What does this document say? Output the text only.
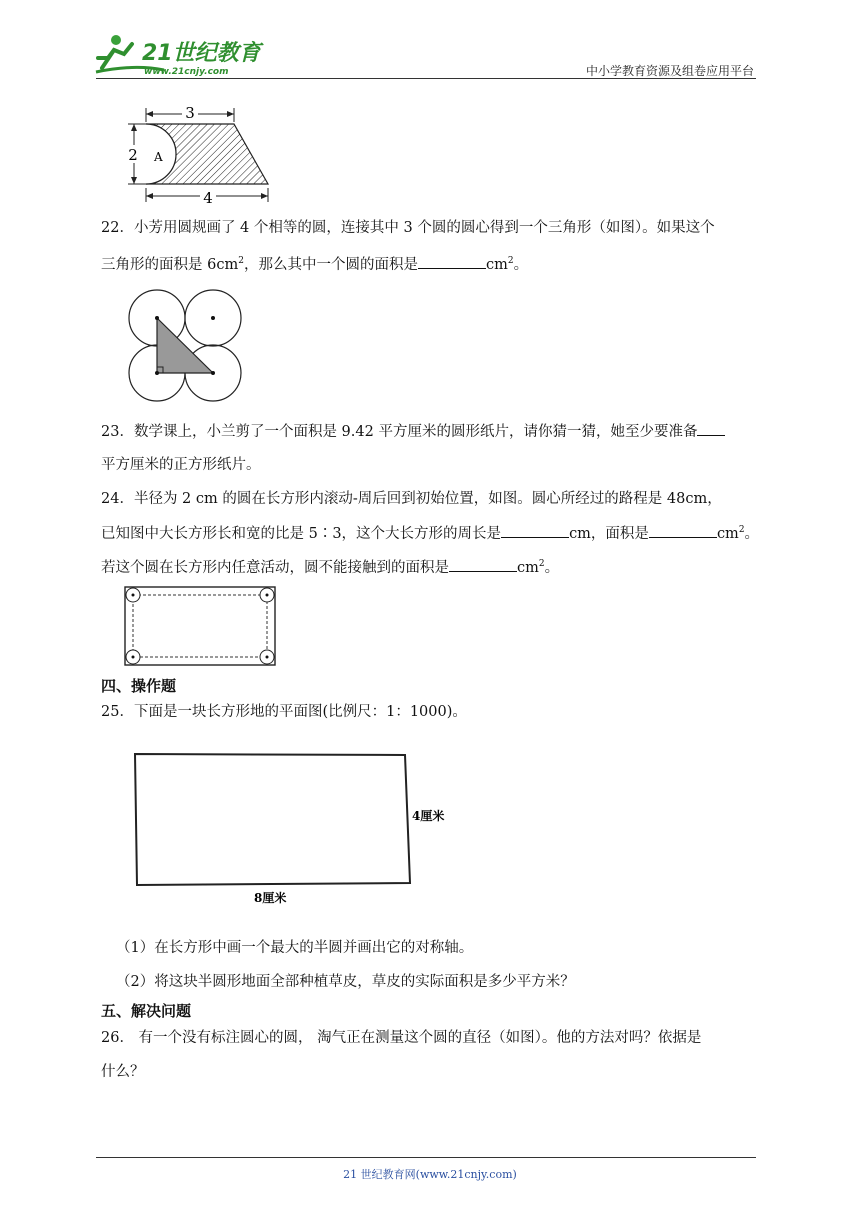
21世纪教育
www.21cnjy.com	中小学教育资源及组卷应用平台
3
2 A
4
22．小芳用圆规画了 4 个相等的圆，连接其中 3 个圆的圆心得到一个三角形（如图）。如果这个
三角形的面积是 $6cm^2$，那么其中一个圆的面积是	$cm^2$。
23．数学课上，小兰剪了一个面积是 9.42 平方厘米的圆形纸片，请你猜一猜，她至少要准备
平方厘米的正方形纸片。
24．半径为 2 cm 的圆在长方形内滚动-周后回到初始位置，如图。圆心所经过的路程是 48cm，
已知图中大长方形长和宽的比是 5∶3，这个大长方形的周长是	cm，面积是	$cm^2$。
若这个圆在长方形内任意活动，圆不能接触到的面积是	$cm^2$。
四、操作题
25．下面是一块长方形地的平面图(比例尺：1：1000)。
4厘米
8厘米
（1）在长方形中画一个最大的半圆并画出它的对称轴。
（2）将这块半圆形地面全部种植草皮，草皮的实际面积是多少平方米？
五、解决问题
26． 有一个没有标注圆心的圆， 淘气正在测量这个圆的直径（如图）。他的方法对吗？依据是
什么？
21 世纪教育网(www.21cnjy.com)
